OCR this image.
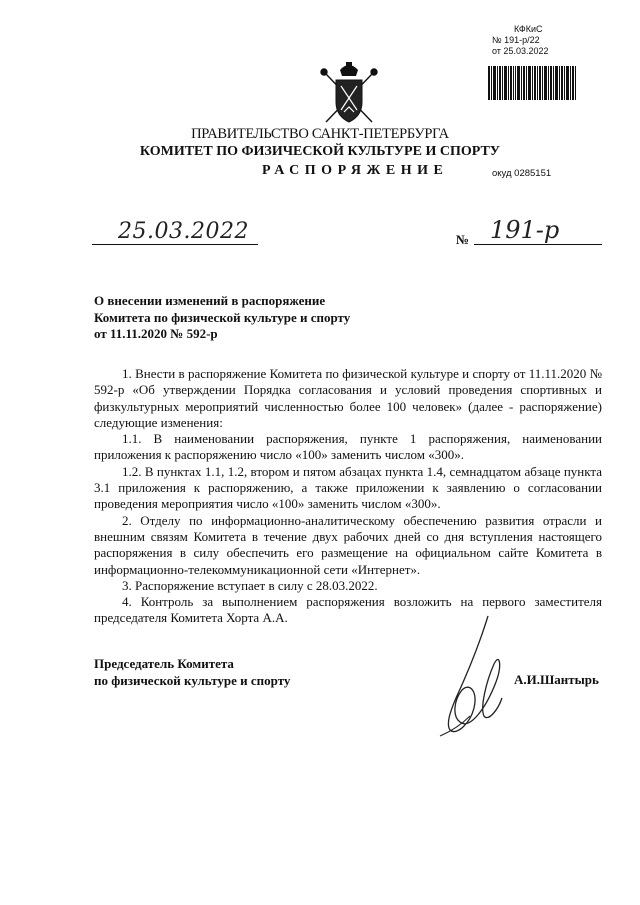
КФКиС
№ 191-р/22
от 25.03.2022
ПРАВИТЕЛЬСТВО САНКТ-ПЕТЕРБУРГА
КОМИТЕТ ПО ФИЗИЧЕСКОЙ КУЛЬТУРЕ И СПОРТУ
РАСПОРЯЖЕНИЕ	окуд 0285151
25.03.2022	№ 191-р
О внесении изменений в распоряжение
Комитета по физической культуре и спорту
от 11.11.2020 № 592-р

1. Внести в распоряжение Комитета по физической культуре и спорту от 11.11.2020 № 592-р «Об утверждении Порядка согласования и условий проведения спортивных и физкультурных мероприятий численностью более 100 человек» (далее - распоряжение) следующие изменения:

1.1. В наименовании распоряжения, пункте 1 распоряжения, наименовании приложения к распоряжению число «100» заменить числом «300».

1.2. В пунктах 1.1, 1.2, втором и пятом абзацах пункта 1.4, семнадцатом абзаце пункта 3.1 приложения к распоряжению, а также приложении к заявлению о согласовании проведения мероприятия число «100» заменить числом «300».

2. Отделу по информационно-аналитическому обеспечению развития отрасли и внешним связям Комитета в течение двух рабочих дней со дня вступления настоящего распоряжения в силу обеспечить его размещение на официальном сайте Комитета в информационно-телекоммуникационной сети «Интернет».

3. Распоряжение вступает в силу с 28.03.2022.

4. Контроль за выполнением распоряжения возложить на первого заместителя председателя Комитета Хорта А.А.

Председатель Комитета
по физической культуре и спорту	А.И.Шантырь
